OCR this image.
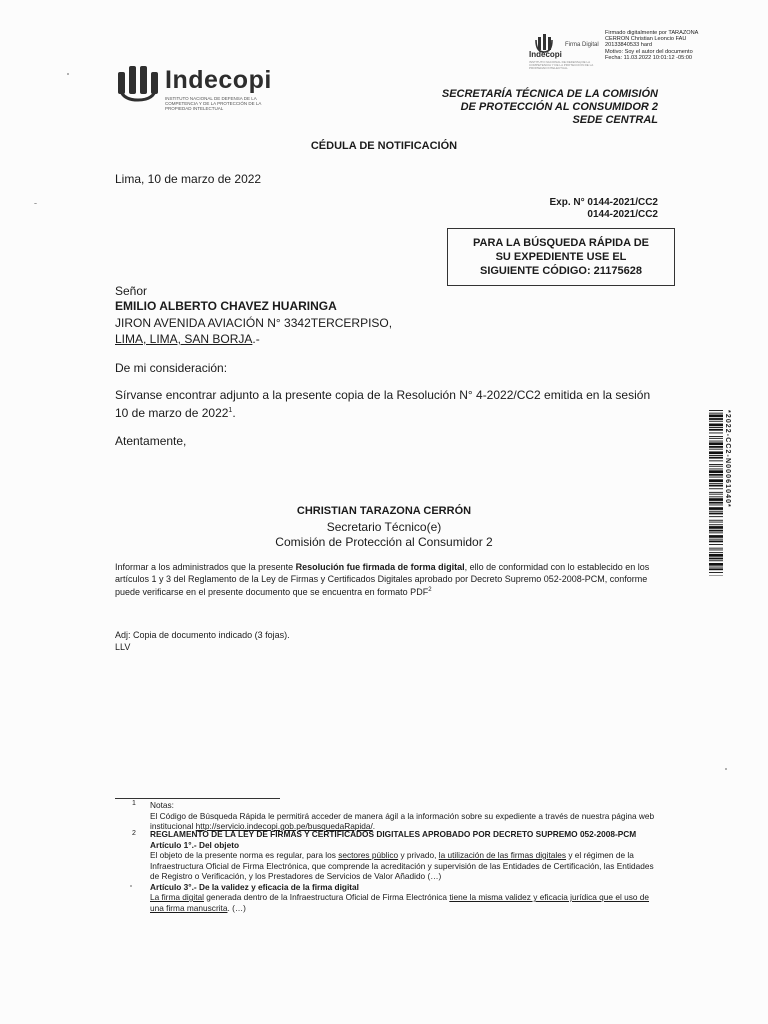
Indecopi
Firma Digital
INSTITUTO NACIONAL DE DEFENSA DE LA COMPETENCIA Y DE LA PROTECCIÓN DE LA PROPIEDAD INTELECTUAL
Firmado digitalmente por TARAZONA
CERRON Christian Leoncio FAU
20133840533 hard
Motivo: Soy el autor del documento
Fecha: 11.03.2022 10:01:12 -05:00
Indecopi
INSTITUTO NACIONAL DE DEFENSA DE LA COMPETENCIA Y DE LA PROTECCIÓN DE LA PROPIEDAD INTELECTUAL
SECRETARÍA TÉCNICA DE LA COMISIÓN
DE PROTECCIÓN AL CONSUMIDOR 2
SEDE CENTRAL
CÉDULA DE NOTIFICACIÓN
Lima, 10 de marzo de 2022
Exp. N° 0144-2021/CC2
0144-2021/CC2
PARA LA BÚSQUEDA RÁPIDA DE
SU EXPEDIENTE USE EL
SIGUIENTE CÓDIGO: 21175628
Señor
EMILIO ALBERTO CHAVEZ HUARINGA
JIRON AVENIDA AVIACIÓN N° 3342TERCERPISO,
LIMA, LIMA, SAN BORJA.-
De mi consideración:
Sírvanse encontrar adjunto a la presente copia de la Resolución N° 4-2022/CC2 emitida en la sesión 10 de marzo de 2022$^1$.
Atentamente,
CHRISTIAN TARAZONA CERRÓN
Secretario Técnico(e)
Comisión de Protección al Consumidor 2
Informar a los administrados que la presente Resolución fue firmada de forma digital, ello de conformidad con lo establecido en los artículos 1 y 3 del Reglamento de la Ley de Firmas y Certificados Digitales aprobado por Decreto Supremo 052-2008-PCM, conforme puede verificarse en el presente documento que se encuentra en formato PDF$^2$
Adj: Copia de documento indicado (3 fojas).
LLV
*2022-CC2-N00061040*
1 Notas:
El Código de Búsqueda Rápida le permitirá acceder de manera ágil a la información sobre su expediente a través de nuestra página web institucional http://servicio.indecopi.gob.pe/busquedaRapida/.
2 REGLAMENTO DE LA LEY DE FIRMAS Y CERTIFICADOS DIGITALES APROBADO POR DECRETO SUPREMO 052-2008-PCM
Artículo 1°.- Del objeto
El objeto de la presente norma es regular, para los sectores público y privado, la utilización de las firmas digitales y el régimen de la Infraestructura Oficial de Firma Electrónica, que comprende la acreditación y supervisión de las Entidades de Certificación, las Entidades de Registro o Verificación, y los Prestadores de Servicios de Valor Añadido (…)
Artículo 3°.- De la validez y eficacia de la firma digital
La firma digital generada dentro de la Infraestructura Oficial de Firma Electrónica tiene la misma validez y eficacia jurídica que el uso de una firma manuscrita. (…)
